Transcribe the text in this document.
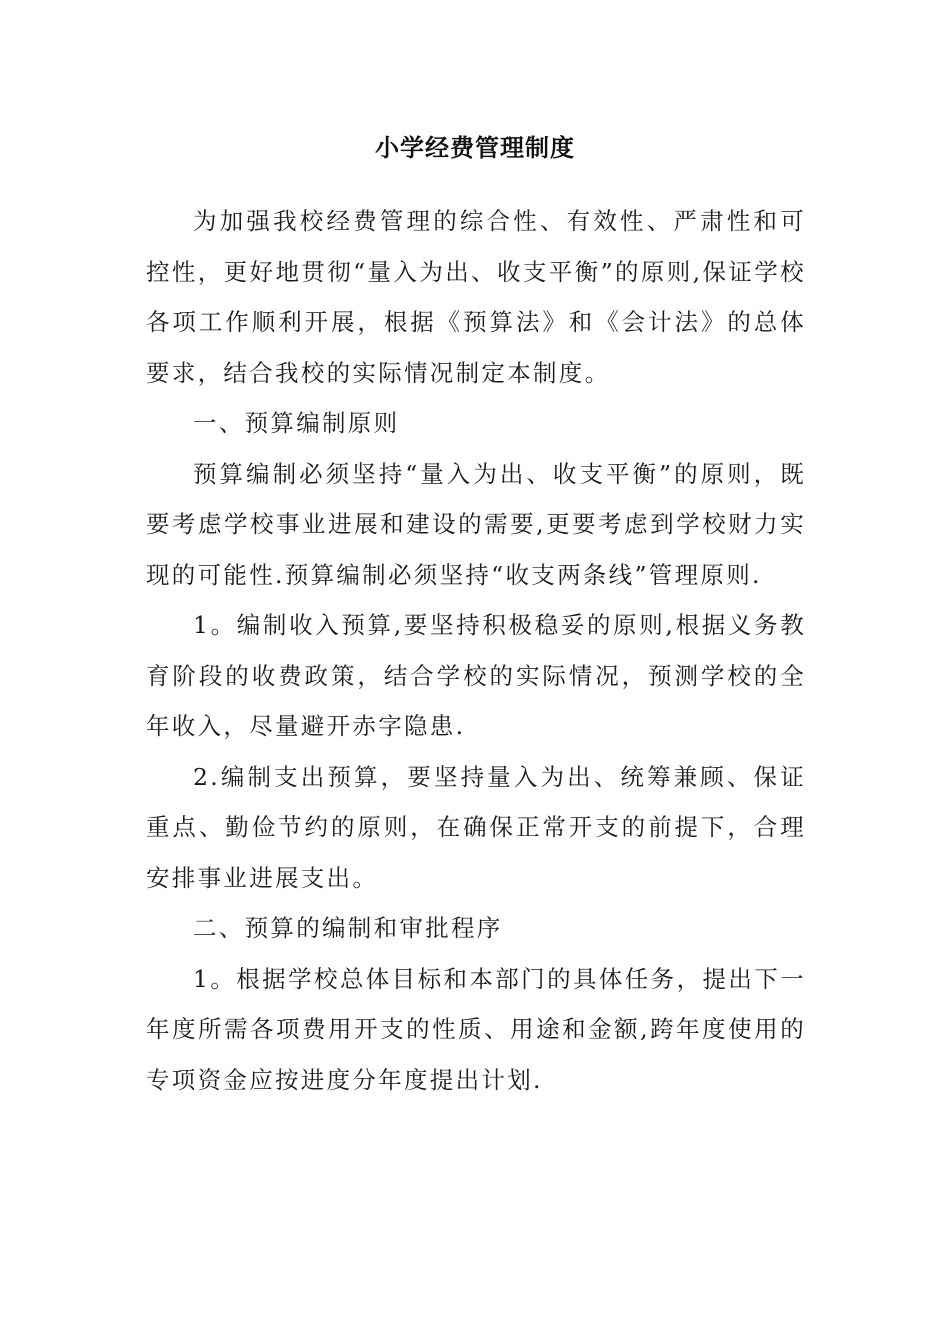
小学经费管理制度

为加强我校经费管理的综合性、有效性、严肃性和可控性，更好地贯彻“量入为出、收支平衡”的原则,保证学校各项工作顺利开展，根据《预算法》和《会计法》的总体要求，结合我校的实际情况制定本制度。

一、预算编制原则

预算编制必须坚持“量入为出、收支平衡”的原则，既要考虑学校事业进展和建设的需要,更要考虑到学校财力实现的可能性.预算编制必须坚持“收支两条线”管理原则.

1。编制收入预算,要坚持积极稳妥的原则,根据义务教育阶段的收费政策，结合学校的实际情况，预测学校的全年收入，尽量避开赤字隐患.

2.编制支出预算，要坚持量入为出、统筹兼顾、保证重点、勤俭节约的原则，在确保正常开支的前提下，合理安排事业进展支出。

二、预算的编制和审批程序

1。根据学校总体目标和本部门的具体任务，提出下一年度所需各项费用开支的性质、用途和金额,跨年度使用的专项资金应按进度分年度提出计划.
